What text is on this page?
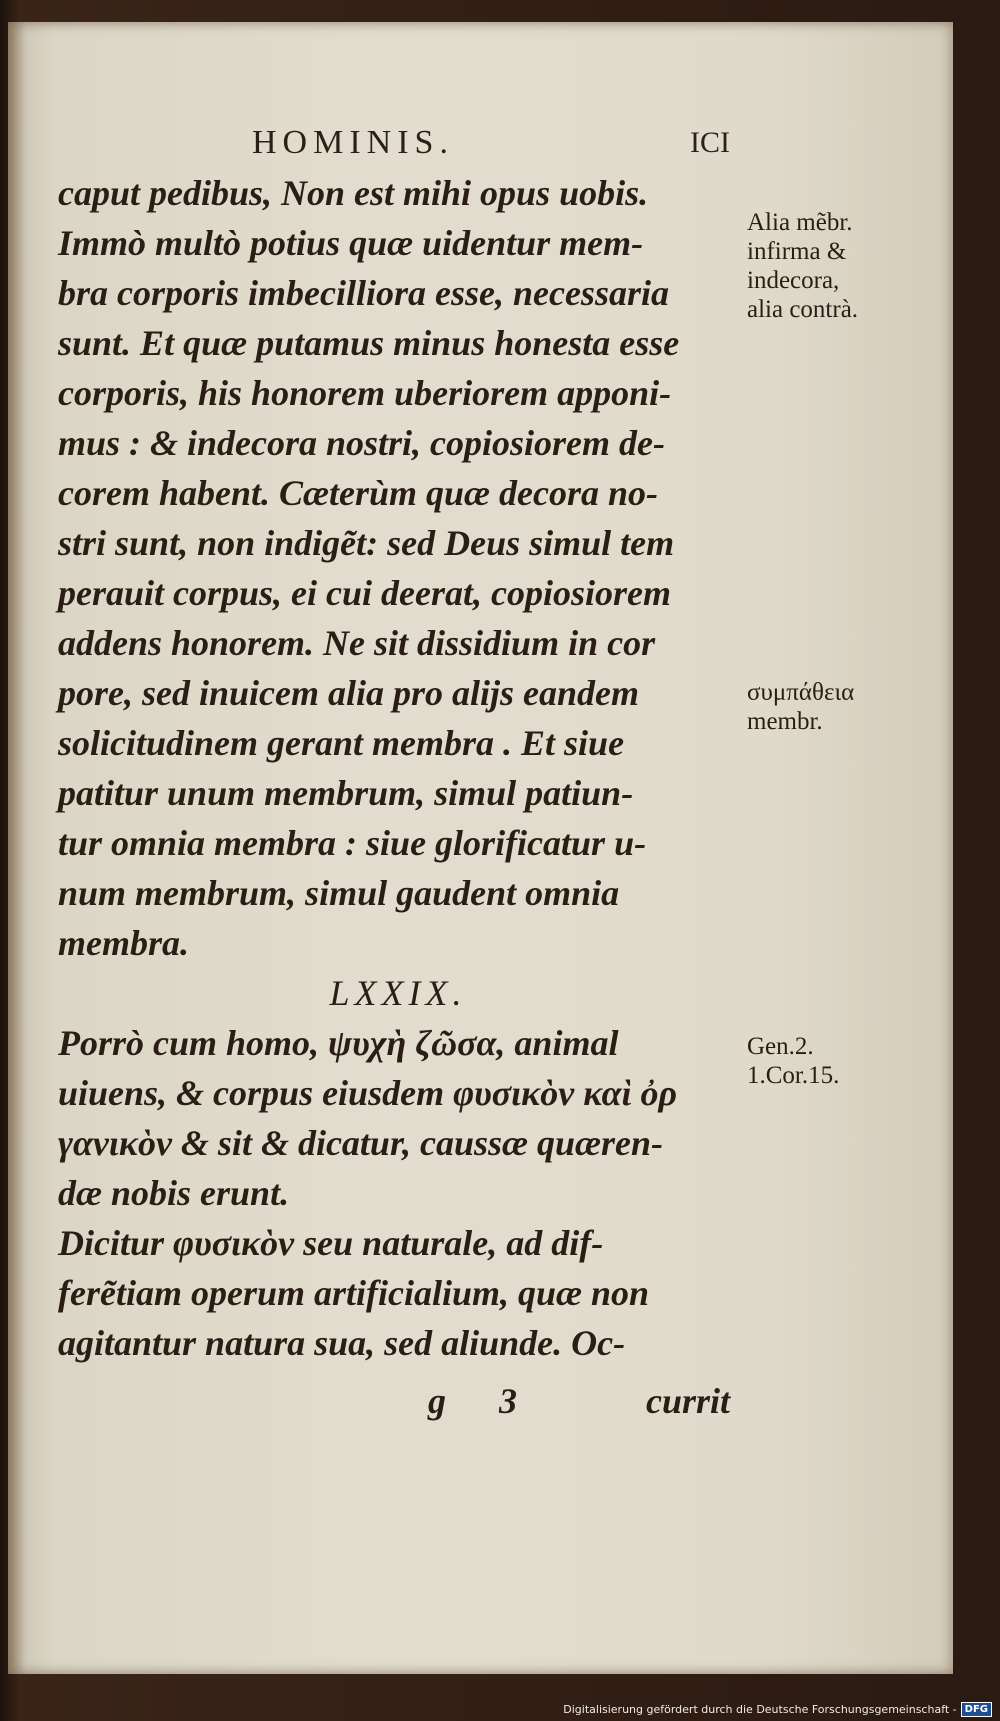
HOMINIS.	ICI
caput pedibus, Non est mihi opus uobis.
Immò multò potius quæ uidentur mem-
bra corporis imbecilliora esse, necessaria
sunt. Et quæ putamus minus honesta esse
corporis, his honorem uberiorem apponi-
mus : & indecora nostri, copiosiorem de-
corem habent. Cæterùm quæ decora no-
stri sunt, non indigẽt: sed Deus simul tem
perauit corpus, ei cui deerat, copiosiorem
addens honorem. Ne sit dissidium in cor
pore, sed inuicem alia pro alijs eandem
solicitudinem gerant membra . Et siue
patitur unum membrum, simul patiun-
tur omnia membra : siue glorificatur u-
num membrum, simul gaudent omnia
membra.
LXXIX.
Porrò cum homo, ψυχὴ ζῶσα, animal
uiuens, & corpus eiusdem φυσικὸν καὶ ὀρ
γανικὸν & sit & dicatur, caussæ quæren-
dæ nobis erunt.
Dicitur φυσικὸν seu naturale, ad dif-
ferẽtiam operum artificialium, quæ non
agitantur natura sua, sed aliunde. Oc-
Alia mẽbr.
infirma &
indecora,
alia contrà.
συμπάθεια
membr.
Gen.2.
1.Cor.15.
g 3	currit
Digitalisierung gefördert durch die Deutsche Forschungsgemeinschaft - DFG
